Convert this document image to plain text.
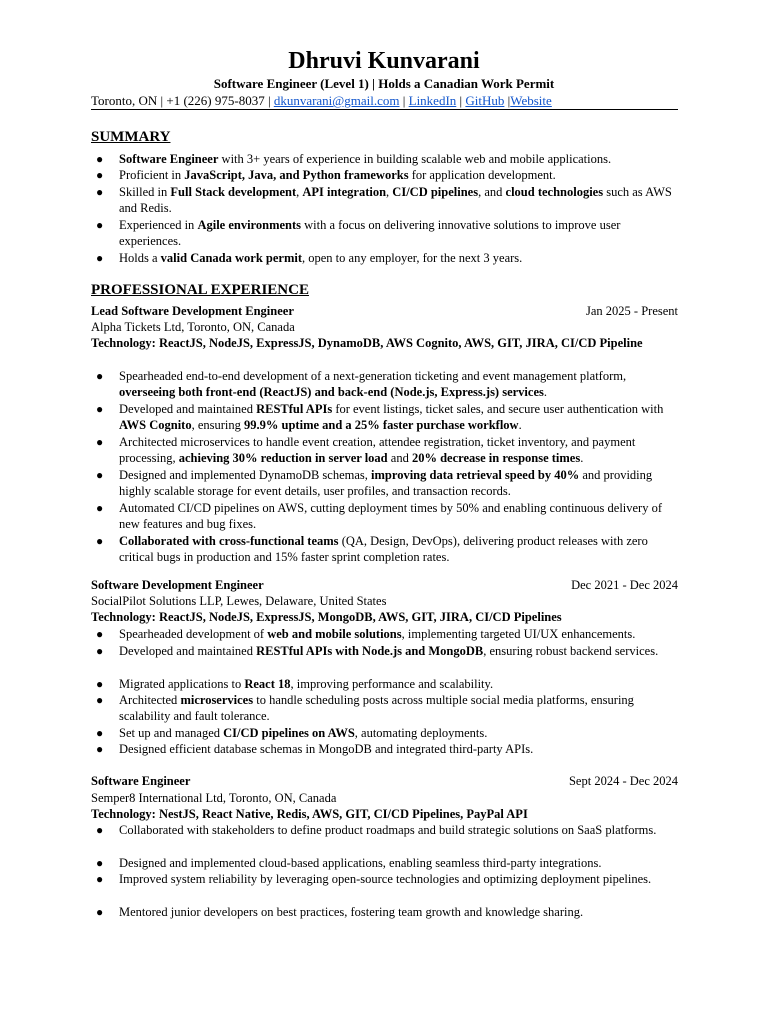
Dhruvi Kunvarani
Software Engineer (Level 1) | Holds a Canadian Work Permit
Toronto, ON | +1 (226) 975-8037 | dkunvarani@gmail.com | LinkedIn | GitHub |Website
SUMMARY
● Software Engineer with 3+ years of experience in building scalable web and mobile applications.
● Proficient in JavaScript, Java, and Python frameworks for application development.
● Skilled in Full Stack development, API integration, CI/CD pipelines, and cloud technologies such as AWS and Redis.
● Experienced in Agile environments with a focus on delivering innovative solutions to improve user experiences.
● Holds a valid Canada work permit, open to any employer, for the next 3 years.
PROFESSIONAL EXPERIENCE
Lead Software Development Engineer	Jan 2025 - Present
Alpha Tickets Ltd, Toronto, ON, Canada
Technology: ReactJS, NodeJS, ExpressJS, DynamoDB, AWS Cognito, AWS, GIT, JIRA, CI/CD Pipeline
● Spearheaded end-to-end development of a next-generation ticketing and event management platform, overseeing both front-end (ReactJS) and back-end (Node.js, Express.js) services.
● Developed and maintained RESTful APIs for event listings, ticket sales, and secure user authentication with AWS Cognito, ensuring 99.9% uptime and a 25% faster purchase workflow.
● Architected microservices to handle event creation, attendee registration, ticket inventory, and payment processing, achieving 30% reduction in server load and 20% decrease in response times.
● Designed and implemented DynamoDB schemas, improving data retrieval speed by 40% and providing highly scalable storage for event details, user profiles, and transaction records.
● Automated CI/CD pipelines on AWS, cutting deployment times by 50% and enabling continuous delivery of new features and bug fixes.
● Collaborated with cross-functional teams (QA, Design, DevOps), delivering product releases with zero critical bugs in production and 15% faster sprint completion rates.
Software Development Engineer	Dec 2021 - Dec 2024
SocialPilot Solutions LLP, Lewes, Delaware, United States
Technology: ReactJS, NodeJS, ExpressJS, MongoDB, AWS, GIT, JIRA, CI/CD Pipelines
● Spearheaded development of web and mobile solutions, implementing targeted UI/UX enhancements.
● Developed and maintained RESTful APIs with Node.js and MongoDB, ensuring robust backend services.
● Migrated applications to React 18, improving performance and scalability.
● Architected microservices to handle scheduling posts across multiple social media platforms, ensuring scalability and fault tolerance.
● Set up and managed CI/CD pipelines on AWS, automating deployments.
● Designed efficient database schemas in MongoDB and integrated third-party APIs.
Software Engineer	Sept 2024 - Dec 2024
Semper8 International Ltd, Toronto, ON, Canada
Technology: NestJS, React Native, Redis, AWS, GIT, CI/CD Pipelines, PayPal API
● Collaborated with stakeholders to define product roadmaps and build strategic solutions on SaaS platforms.
● Designed and implemented cloud-based applications, enabling seamless third-party integrations.
● Improved system reliability by leveraging open-source technologies and optimizing deployment pipelines.
● Mentored junior developers on best practices, fostering team growth and knowledge sharing.
